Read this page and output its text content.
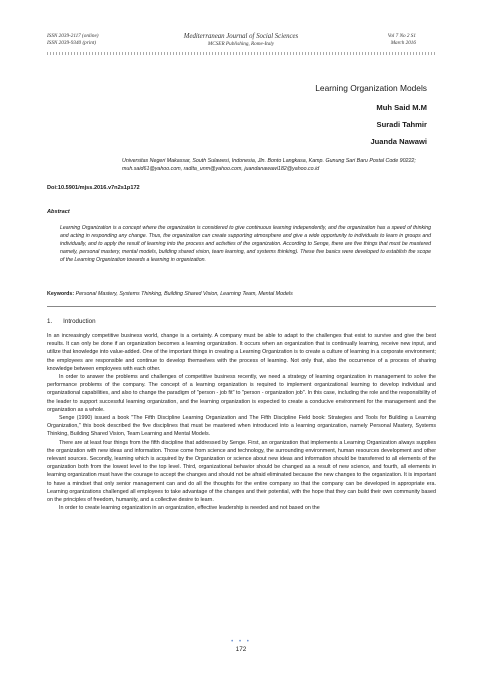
ISSN 2039-2117 (online)
ISSN 2039-9340 (print)
Mediterranean Journal of Social Sciences
MCSER Publishing, Rome-Italy
Vol 7 No 2 S1
March 2016
Learning Organization Models
Muh Said M.M
Suradi Tahmir
Juanda Nawawi
Universitas Negeri Makassar, South Sulawesi, Indonesia, Jln. Bonto Langkasa, Kamp. Gunung Sari Baru Postal Code 90222; muh.said61@yahoo.com, radita_unm@yahoo.com, juandanawawi182@yahoo.co.id
Doi:10.5901/mjss.2016.v7n2s1p172
Abstract
Learning Organization is a concept where the organization is considered to give continuous learning independently, and the organization has a speed of thinking and acting in responding any change. Thus, the organization can create supporting atmosphere and give a wide opportunity to individuals to learn in groups and individually, and to apply the result of learning into the process and activities of the organization. According to Senge, there are five things that must be mastered namely, personal mastery, mental models, building shared vision, team learning, and systems thinking). These five basics were developed to establish the scope of the Learning Organization towards a learning in organization.
Keywords: Personal Mastery, Systems Thinking, Building Shared Vision, Learning Team, Mental Models
1. Introduction

In an increasingly competitive business world, change is a certainty. A company must be able to adapt to the challenges that exist to survive and give the best results. It can only be done if an organization becomes a learning organization. It occurs when an organization that is continually learning, receive new input, and utilize that knowledge into value-added. One of the important things in creating a Learning Organization is to create a culture of learning in a corporate environment; the employees are responsible and continue to develop themselves with the process of learning. Not only that, also the occurrence of a process of sharing knowledge between employees with each other.

In order to answer the problems and challenges of competitive business recently, we need a strategy of learning organization in management to solve the performance problems of the company. The concept of a learning organization is required to implement organizational learning to develop individual and organizational capabilities, and also to change the paradigm of "person - job fit" to "person - organization job". In this case, including the role and the responsibility of the leader to support successful learning organization, and the learning organization is expected to create a conducive environment for the management and the organization as a whole.

Senge (1990) issued a book "The Fifth Discipline Learning Organization and The Fifth Discipline Field book: Strategies and Tools for Building a Learning Organization," this book described the five disciplines that must be mastered when introduced into a learning organization, namely Personal Mastery, Systems Thinking, Building Shared Vision, Team Learning and Mental Models.

There are at least four things from the fifth discipline that addressed by Senge. First, an organization that implements a Learning Organization always supplies the organization with new ideas and information. Those come from science and technology, the surrounding environment, human resources development and other relevant sources. Secondly, learning which is acquired by the Organization or science about new ideas and information should be transferred to all elements of the organization both from the lowest level to the top level. Third, organizational behavior should be changed as a result of new science, and fourth, all elements in learning organization must have the courage to accept the changes and should not be afraid eliminated because the new changes to the organization. It is important to have a mindset that only senior management can and do all the thoughts for the entire company so that the company can be developed in appropriate era. Learning organizations challenged all employees to take advantage of the changes and their potential, with the hope that they can build their own community based on the principles of freedom, humanity, and a collective desire to learn.

In order to create learning organization in an organization, effective leadership is needed and not based on the

• • •
172
